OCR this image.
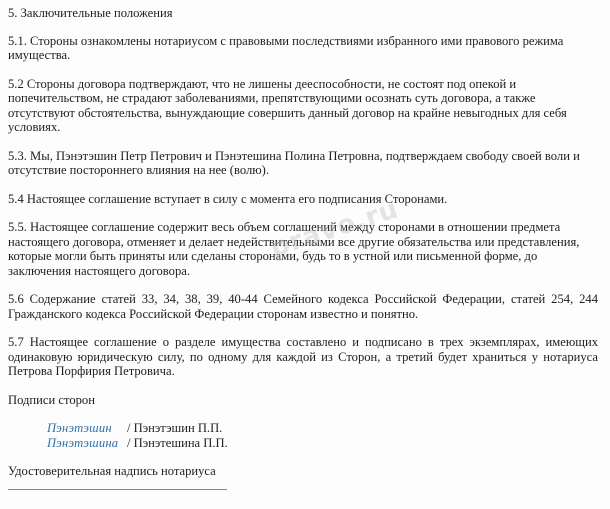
5. Заключительные положения

5.1. Стороны ознакомлены нотариусом с правовыми последствиями избранного ими правового режима имущества.

5.2 Стороны договора подтверждают, что не лишены дееспособности, не состоят под опекой и попечительством, не страдают заболеваниями, препятствующими осознать суть договора, а также отсутствуют обстоятельства, вынуждающие совершить данный договор на крайне невыгодных для себя условиях.

5.3. Мы, Пэнэтэшин Петр Петрович и Пэнэтешина Полина Петровна, подтверждаем свободу своей воли и отсутствие постороннего влияния на нее (волю).

5.4 Настоящее соглашение вступает в силу с момента его подписания Сторонами.

5.5. Настоящее соглашение содержит весь объем соглашений между сторонами в отношении предмета настоящего договора, отменяет и делает недействительными все другие обязательства или представления, которые могли быть приняты или сделаны сторонами, будь то в устной или письменной форме, до заключения настоящего договора.

5.6 Содержание статей 33, 34, 38, 39, 40-44 Семейного кодекса Российской Федерации, статей 254, 244 Гражданского кодекса Российской Федерации сторонам известно и понятно.

5.7 Настоящее соглашение о разделе имущества составлено и подписано в трех экземплярах, имеющих одинаковую юридическую силу, по одному для каждой из Сторон, а третий будет храниться у нотариуса Петрова Порфирия Петровича.

Подписи сторон

Пэнэтэшин	/ Пэнэтэшин П.П.
Пэнэтэшина / Пэнэтешина П.П.

Удостоверительная надпись нотариуса

pravo.ru
